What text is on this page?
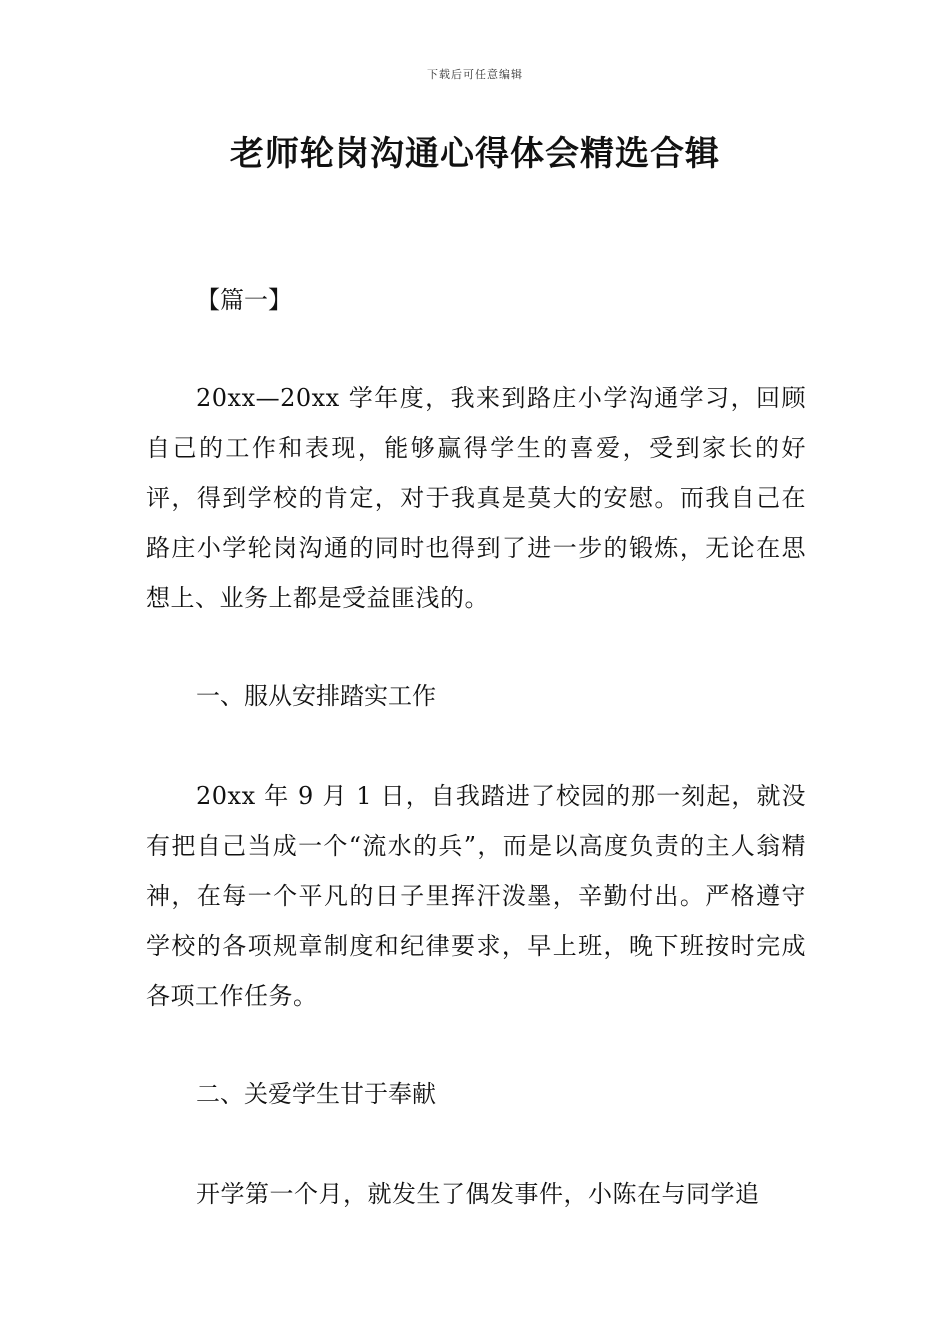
下载后可任意编辑
老师轮岗沟通心得体会精选合辑
【篇一】
20xx—20xx 学年度，我来到路庄小学沟通学习，回顾自己的工作和表现，能够赢得学生的喜爱，受到家长的好评，得到学校的肯定，对于我真是莫大的安慰。而我自己在路庄小学轮岗沟通的同时也得到了进一步的锻炼，无论在思想上、业务上都是受益匪浅的。
一、服从安排踏实工作
20xx 年 9 月 1 日，自我踏进了校园的那一刻起，就没有把自己当成一个“流水的兵”，而是以高度负责的主人翁精神，在每一个平凡的日子里挥汗泼墨，辛勤付出。严格遵守学校的各项规章制度和纪律要求，早上班，晚下班按时完成各项工作任务。
二、关爱学生甘于奉献
开学第一个月，就发生了偶发事件，小陈在与同学追
